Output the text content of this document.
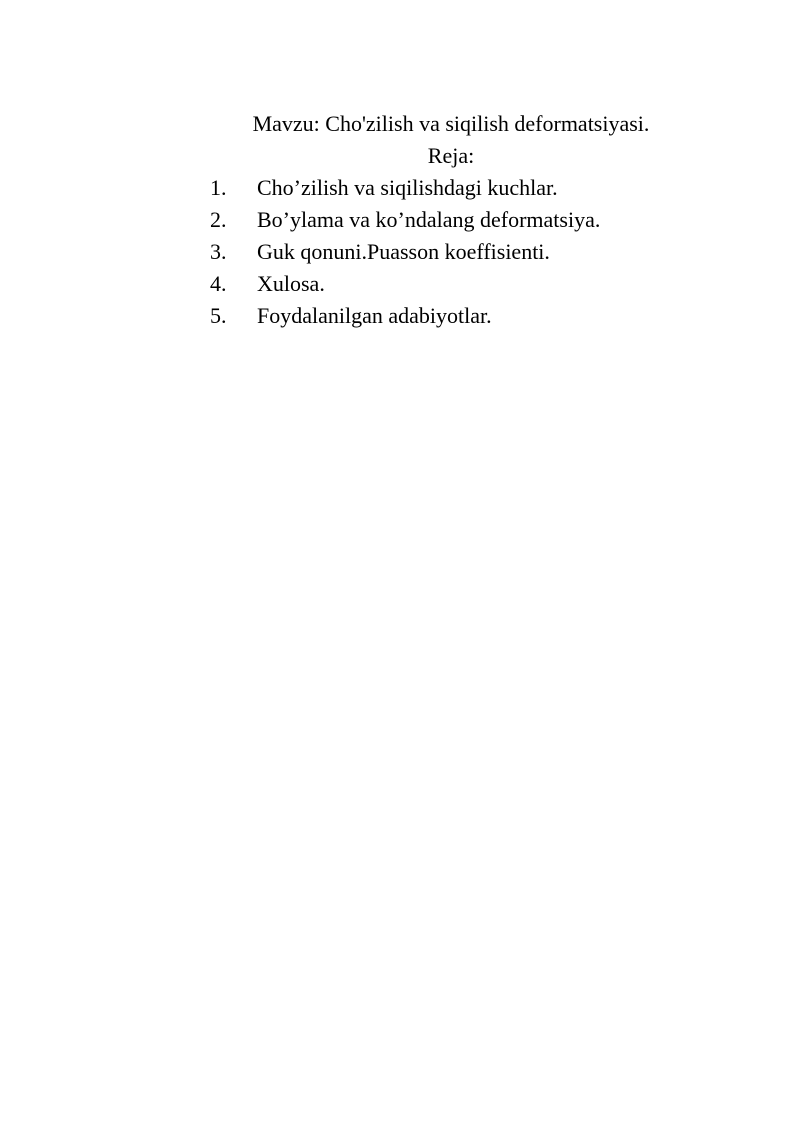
Mavzu: Cho'zilish va siqilish deformatsiyasi.
Reja:
1. Cho’zilish va siqilishdagi kuchlar.
2. Bo’ylama va ko’ndalang deformatsiya.
3. Guk qonuni.Puasson koeffisienti.
4. Xulosa.
5. Foydalanilgan adabiyotlar.
